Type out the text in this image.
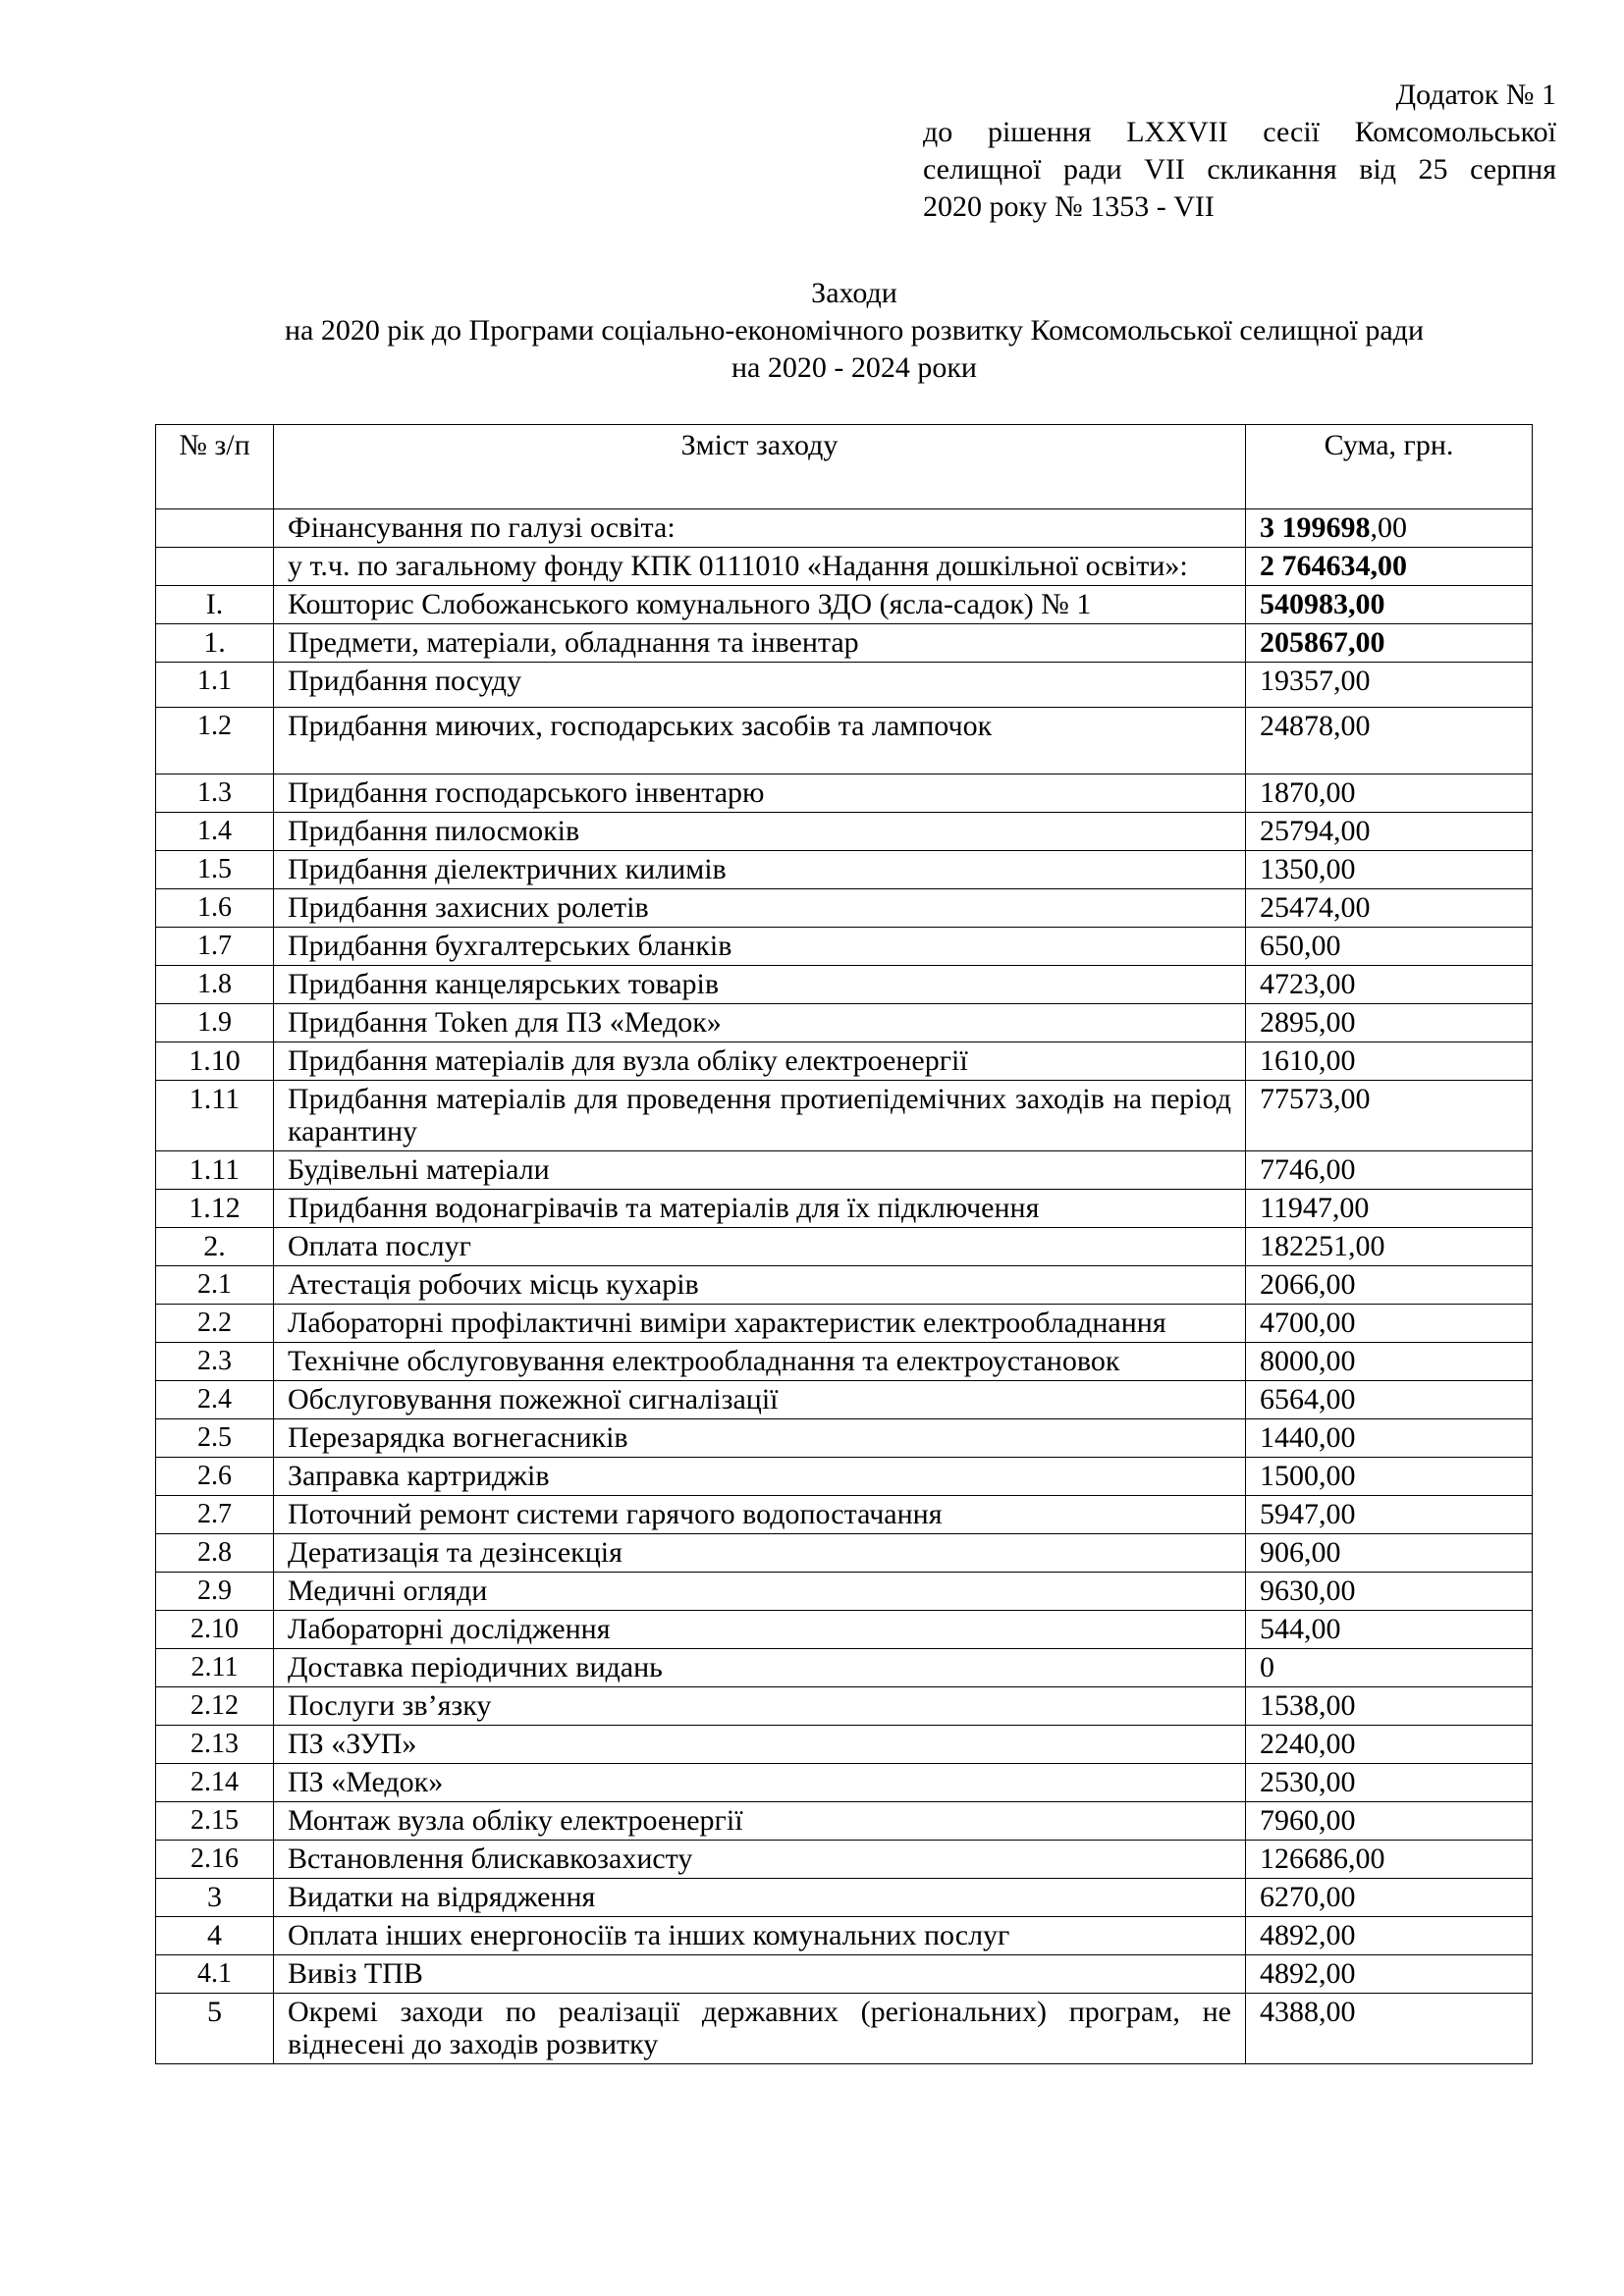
Додаток № 1
до рішення LXXVII сесії Комсомольської
селищної ради VII скликання від 25 серпня
2020 року № 1353 - VII
Заходи
на 2020 рік до Програми соціально-економічного розвитку Комсомольської селищної ради
на 2020 - 2024 роки
№ з/п	Зміст заходу	Сума, грн.
	Фінансування по галузі освіта:	3 199698,00
	у т.ч. по загальному фонду КПК 0111010 «Надання дошкільної освіти»:	2 764634,00
I.	Кошторис Слобожанського комунального ЗДО (ясла-садок) № 1	540983,00
1.	Предмети, матеріали, обладнання та інвентар	205867,00
1.1	Придбання посуду	19357,00
1.2	Придбання миючих, господарських засобів та лампочок	24878,00
1.3	Придбання господарського інвентарю	1870,00
1.4	Придбання пилосмоків	25794,00
1.5	Придбання діелектричних килимів	1350,00
1.6	Придбання захисних ролетів	25474,00
1.7	Придбання бухгалтерських бланків	650,00
1.8	Придбання канцелярських товарів	4723,00
1.9	Придбання Token для ПЗ «Медок»	2895,00
1.10	Придбання матеріалів для вузла обліку електроенергії	1610,00
1.11	Придбання матеріалів для проведення протиепідемічних заходів на період карантину	77573,00
1.11	Будівельні матеріали	7746,00
1.12	Придбання водонагрівачів та матеріалів для їх підключення	11947,00
2.	Оплата послуг	182251,00
2.1	Атестація робочих місць кухарів	2066,00
2.2	Лабораторні профілактичні виміри характеристик електрообладнання	4700,00
2.3	Технічне обслуговування електрообладнання та електроустановок	8000,00
2.4	Обслуговування пожежної сигналізації	6564,00
2.5	Перезарядка вогнегасників	1440,00
2.6	Заправка картриджів	1500,00
2.7	Поточний ремонт системи гарячого водопостачання	5947,00
2.8	Дератизація та дезінсекція	906,00
2.9	Медичні огляди	9630,00
2.10	Лабораторні дослідження	544,00
2.11	Доставка періодичних видань	0
2.12	Послуги зв’язку	1538,00
2.13	ПЗ «ЗУП»	2240,00
2.14	ПЗ «Медок»	2530,00
2.15	Монтаж вузла обліку електроенергії	7960,00
2.16	Встановлення блискавкозахисту	126686,00
3	Видатки на відрядження	6270,00
4	Оплата інших енергоносіїв та інших комунальних послуг	4892,00
4.1	Вивіз ТПВ	4892,00
5	Окремі заходи по реалізації державних (регіональних) програм, не віднесені до заходів розвитку	4388,00
